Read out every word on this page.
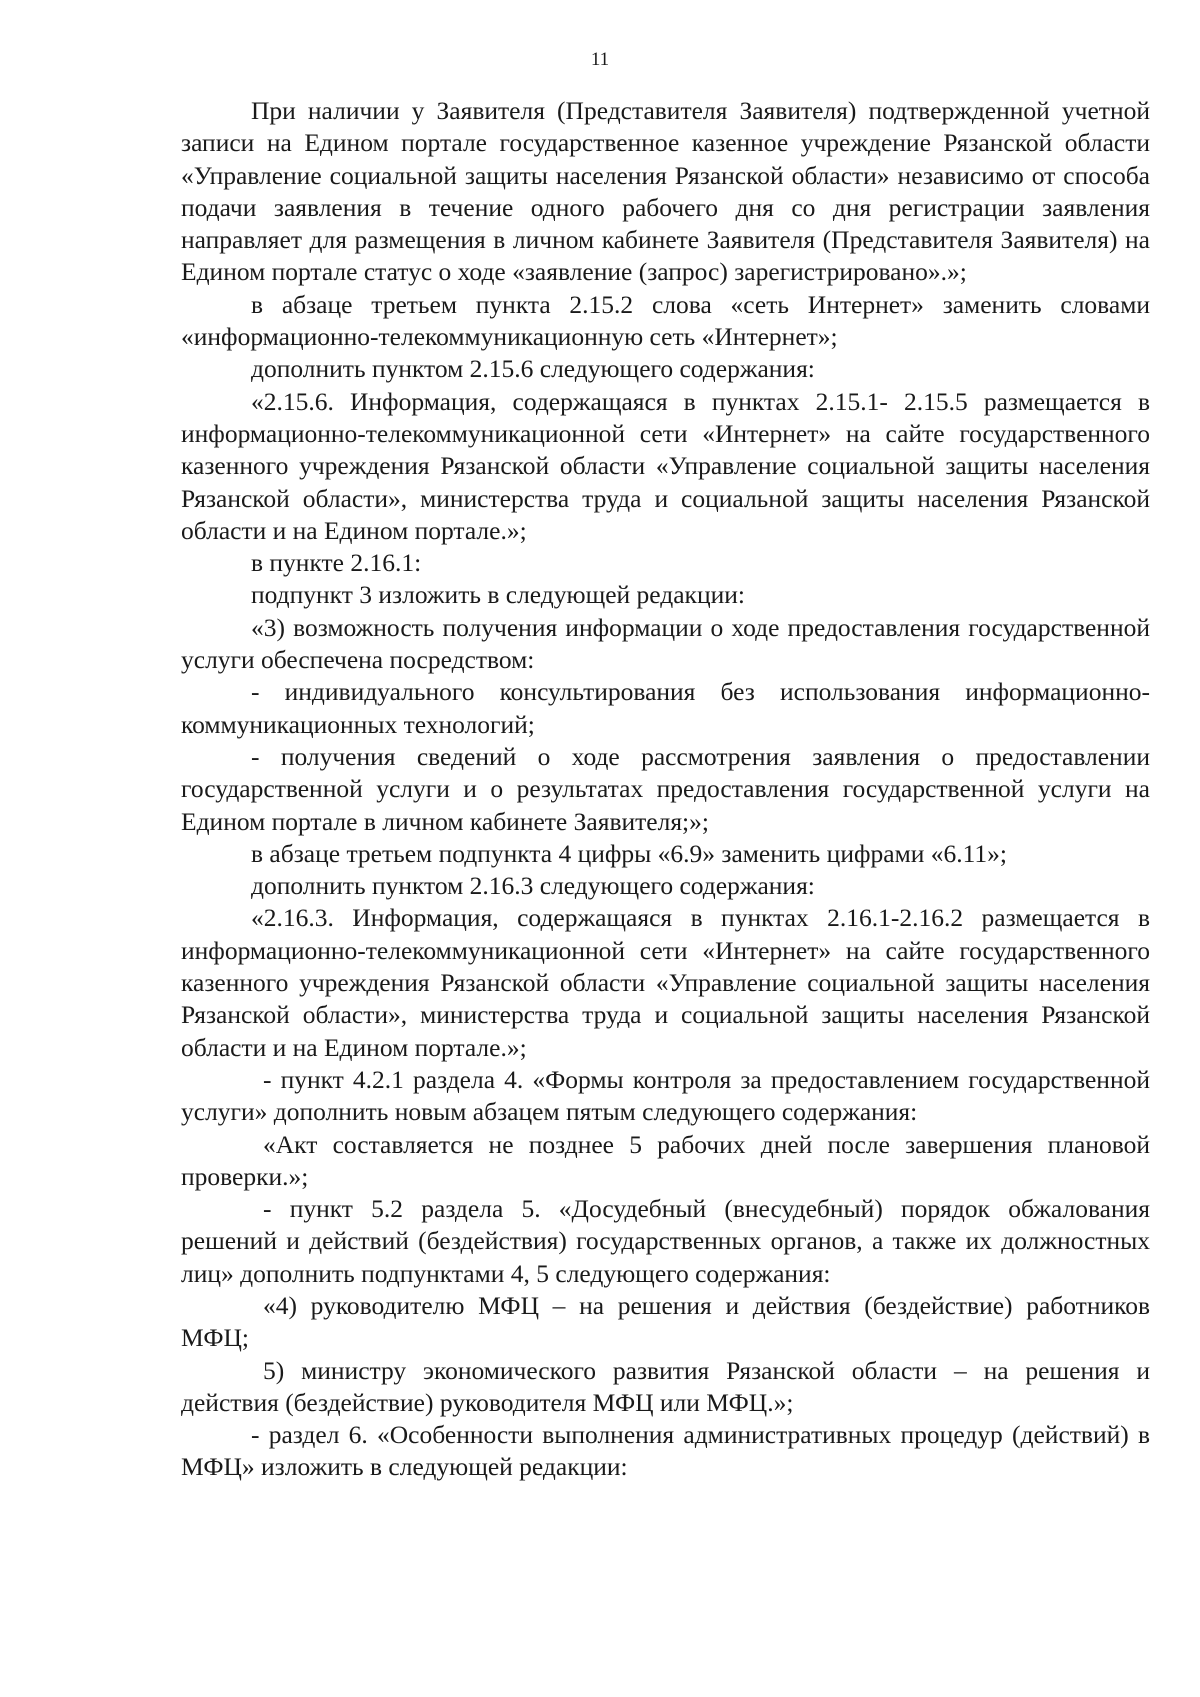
11

При наличии у Заявителя (Представителя Заявителя) подтвержденной учетной записи на Едином портале государственное казенное учреждение Рязанской области «Управление социальной защиты населения Рязанской области» независимо от способа подачи заявления в течение одного рабочего дня со дня регистрации заявления направляет для размещения в личном кабинете Заявителя (Представителя Заявителя) на Едином портале статус о ходе «заявление (запрос) зарегистрировано».»;

в абзаце третьем пункта 2.15.2 слова «сеть Интернет» заменить словами «информационно-телекоммуникационную сеть «Интернет»;

дополнить пунктом 2.15.6 следующего содержания:

«2.15.6. Информация, содержащаяся в пунктах 2.15.1- 2.15.5 размещается в информационно-телекоммуникационной сети «Интернет» на сайте государственного казенного учреждения Рязанской области «Управление социальной защиты населения Рязанской области», министерства труда и социальной защиты населения Рязанской области и на Едином портале.»;

в пункте 2.16.1:

подпункт 3 изложить в следующей редакции:

«3) возможность получения информации о ходе предоставления государственной услуги обеспечена посредством:

- индивидуального консультирования без использования информационно-коммуникационных технологий;

- получения сведений о ходе рассмотрения заявления о предоставлении государственной услуги и о результатах предоставления государственной услуги на Едином портале в личном кабинете Заявителя;»;

в абзаце третьем подпункта 4 цифры «6.9» заменить цифрами «6.11»;

дополнить пунктом 2.16.3 следующего содержания:

«2.16.3. Информация, содержащаяся в пунктах 2.16.1-2.16.2 размещается в информационно-телекоммуникационной сети «Интернет» на сайте государственного казенного учреждения Рязанской области «Управление социальной защиты населения Рязанской области», министерства труда и социальной защиты населения Рязанской области и на Едином портале.»;

- пункт 4.2.1 раздела 4. «Формы контроля за предоставлением государственной услуги» дополнить новым абзацем пятым следующего содержания:

«Акт составляется не позднее 5 рабочих дней после завершения плановой проверки.»;

- пункт 5.2 раздела 5. «Досудебный (внесудебный) порядок обжалования решений и действий (бездействия) государственных органов, а также их должностных лиц» дополнить подпунктами 4, 5 следующего содержания:

«4) руководителю МФЦ – на решения и действия (бездействие) работников МФЦ;

5) министру экономического развития Рязанской области – на решения и действия (бездействие) руководителя МФЦ или МФЦ.»;

- раздел 6. «Особенности выполнения административных процедур (действий) в МФЦ» изложить в следующей редакции:
